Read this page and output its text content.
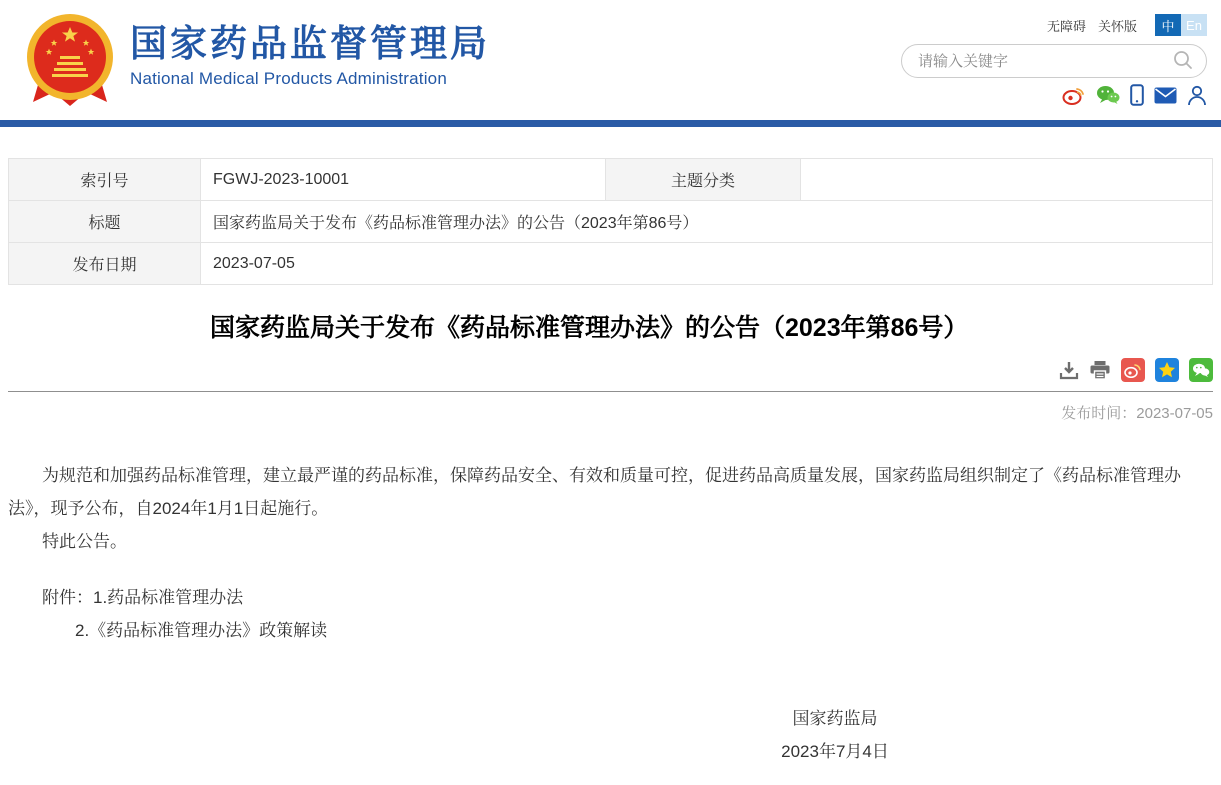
国家药品监督管理局
National Medical Products Administration
无障碍 关怀版	中 En
请输入关键字
索引号	FGWJ-2023-10001	主题分类	
标题	国家药监局关于发布《药品标准管理办法》的公告（2023年第86号）		
发布日期	2023-07-05		
国家药监局关于发布《药品标准管理办法》的公告（2023年第86号）
发布时间：2023-07-05

为规范和加强药品标准管理，建立最严谨的药品标准，保障药品安全、有效和质量可控，促进药品高质量发展，国家药监局组织制定了《药品标准管理办法》，现予公布，自2024年1月1日起施行。

特此公告。

附件：1.药品标准管理办法
2.《药品标准管理办法》政策解读
国家药监局
2023年7月4日
